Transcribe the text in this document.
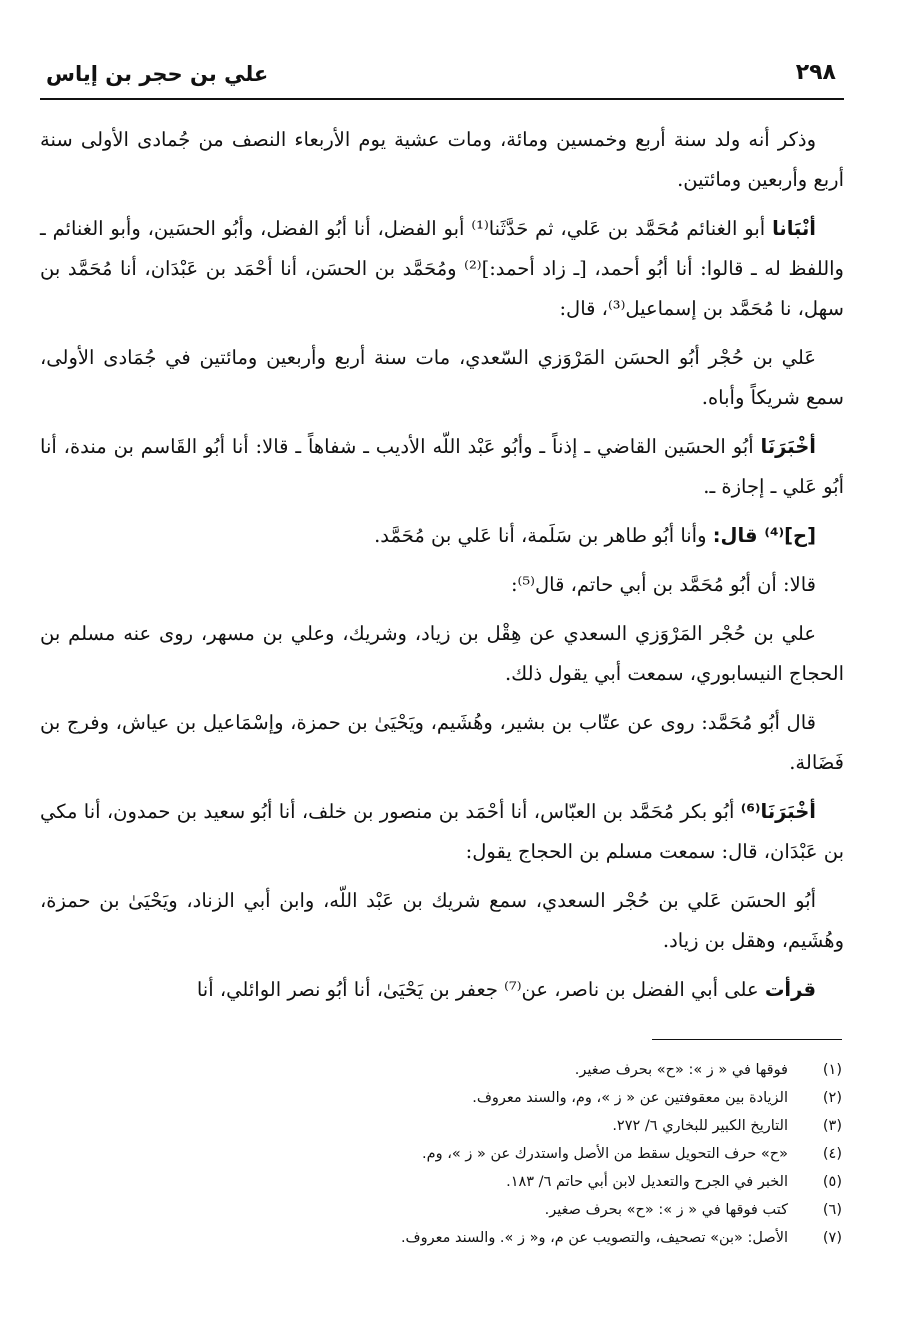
٢٩٨
علي بن حجر بن إياس

وذكر أنه ولد سنة أربع وخمسين ومائة، ومات عشية يوم الأربعاء النصف من جُمادى الأولى سنة أربع وأربعين ومائتين.

أنْبَانا أبو الغنائم مُحَمَّد بن عَلي، ثم حَدَّثَنا⁽¹⁾ أبو الفضل، أنا أبُو الفضل، وأبُو الحسَين، وأبو الغنائم ـ واللفظ له ـ قالوا: أنا أبُو أحمد، [ـ زاد أحمد:]⁽²⁾ ومُحَمَّد بن الحسَن، أنا أحْمَد بن عَبْدَان، أنا مُحَمَّد بن سهل، نا مُحَمَّد بن إسماعيل⁽³⁾، قال:

عَلي بن حُجْر أبُو الحسَن المَرْوَزي السّعدي، مات سنة أربع وأربعين ومائتين في جُمَادى الأولى، سمع شريكاً وأباه.

أخْبَرَنَا أبُو الحسَين القاضي ـ إذناً ـ وأبُو عَبْد اللّه الأديب ـ شفاهاً ـ قالا: أنا أبُو القَاسم بن مندة، أنا أبُو عَلي ـ إجازة ـ.

[ح]⁽⁴⁾ قال: وأنا أبُو طاهر بن سَلَمة، أنا عَلي بن مُحَمَّد.

قالا: أن أبُو مُحَمَّد بن أبي حاتم، قال⁽⁵⁾:

علي بن حُجْر المَرْوَزي السعدي عن هِقْل بن زياد، وشريك، وعلي بن مسهر، روى عنه مسلم بن الحجاج النيسابوري، سمعت أبي يقول ذلك.

قال أبُو مُحَمَّد: روى عن عتّاب بن بشير، وهُشَيم، ويَحْيَىٰ بن حمزة، وإسْمَاعيل بن عياش، وفرج بن فَضَالة.

أخْبَرَنَا⁽⁶⁾ أبُو بكر مُحَمَّد بن العبّاس، أنا أحْمَد بن منصور بن خلف، أنا أبُو سعيد بن حمدون، أنا مكي بن عَبْدَان، قال: سمعت مسلم بن الحجاج يقول:

أبُو الحسَن عَلي بن حُجْر السعدي، سمع شريك بن عَبْد اللّه، وابن أبي الزناد، ويَحْيَىٰ بن حمزة، وهُشَيم، وهقل بن زياد.

قرأت على أبي الفضل بن ناصر، عن⁽⁷⁾ جعفر بن يَحْيَىٰ، أنا أبُو نصر الوائلي، أنا

(١)
فوقها في « ز »: «ح» بحرف صغير.
(٢)
الزيادة بين معقوفتين عن « ز »، وم، والسند معروف.
(٣)
التاريخ الكبير للبخاري ٦/ ٢٧٢.
(٤)
«ح» حرف التحويل سقط من الأصل واستدرك عن « ز »، وم.
(٥)
الخبر في الجرح والتعديل لابن أبي حاتم ٦/ ١٨٣.
(٦)
كتب فوقها في « ز »: «ح» بحرف صغير.
(٧)
الأصل: «بن» تصحيف، والتصويب عن م، و« ز ». والسند معروف.
